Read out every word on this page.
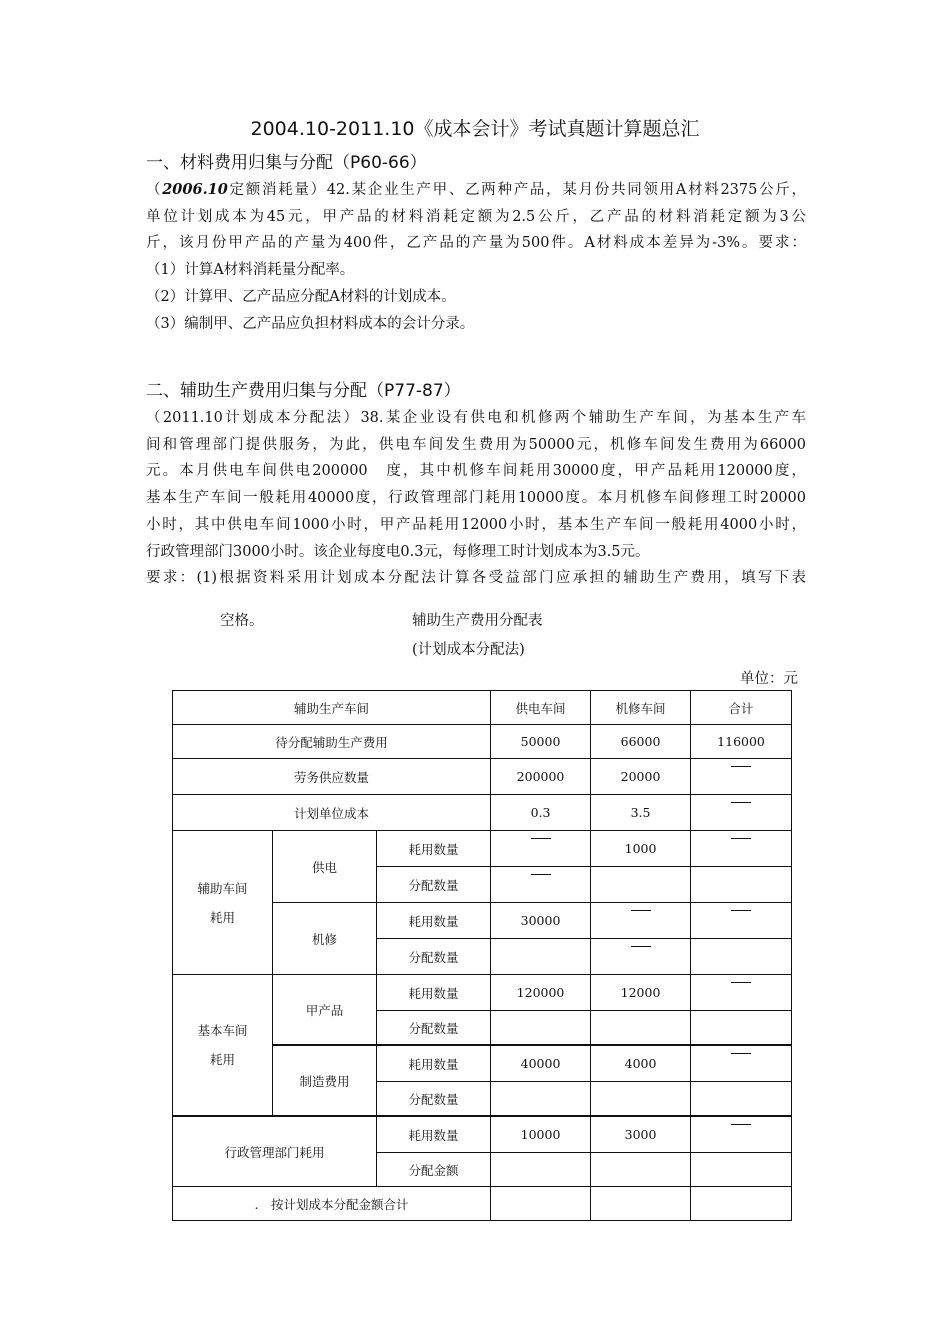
2004.10-2011.10《成本会计》考试真题计算题总汇
一、材料费用归集与分配（P60-66）

（2006.10定额消耗量）42.某企业生产甲、乙两种产品，某月份共同领用A材料2375公斤，

单位计划成本为45元，甲产品的材料消耗定额为2.5公斤，乙产品的材料消耗定额为3公

斤，该月份甲产品的产量为400件，乙产品的产量为500件。A材料成本差异为-3%。要求：

（1）计算A材料消耗量分配率。

（2）计算甲、乙产品应分配A材料的计划成本。

（3）编制甲、乙产品应负担材料成本的会计分录。

二、辅助生产费用归集与分配（P77-87）

（2011.10计划成本分配法）38.某企业设有供电和机修两个辅助生产车间，为基本生产车

间和管理部门提供服务，为此，供电车间发生费用为50000元，机修车间发生费用为66000

元。本月供电车间供电200000　度，其中机修车间耗用30000度，甲产品耗用120000度，

基本生产车间一般耗用40000度，行政管理部门耗用10000度。本月机修车间修理工时20000

小时，其中供电车间1000小时，甲产品耗用12000小时，基本生产车间一般耗用4000小时，

行政管理部门3000小时。该企业每度电0.3元，每修理工时计划成本为3.5元。

要求：(1)根据资料采用计划成本分配法计算各受益部门应承担的辅助生产费用，填写下表

空格。	辅助生产费用分配表
(计划成本分配法)
单位：元
辅助生产车间			供电车间	机修车间	合计
待分配辅助生产费用			50000	66000	116000
劳务供应数量			200000	20000	
计划单位成本			0.3	3.5	
辅助车间
耗用	供电	耗用数量		1000	
		分配数量			
	机修	耗用数量	30000		
		分配数量			
基本车间
耗用	甲产品	耗用数量	120000	12000	
		分配数量			
	制造费用	耗用数量	40000	4000	
		分配数量			
行政管理部门耗用		耗用数量	10000	3000	
		分配金额			
.　按计划成本分配金额合计					
